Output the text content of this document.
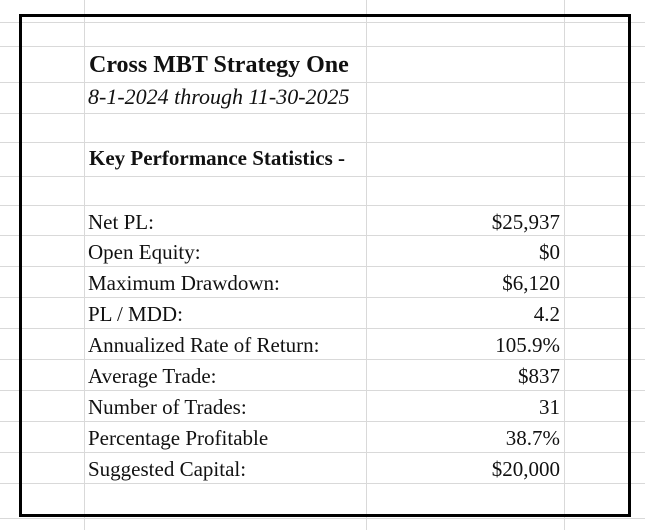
Cross MBT Strategy One
8-1-2024 through 11-30-2025
Key Performance Statistics -
Net PL:	$25,937
Open Equity:	$0
Maximum Drawdown:	$6,120
PL / MDD:	4.2
Annualized Rate of Return:	105.9%
Average Trade:	$837
Number of Trades:	31
Percentage Profitable	38.7%
Suggested Capital:	$20,000
